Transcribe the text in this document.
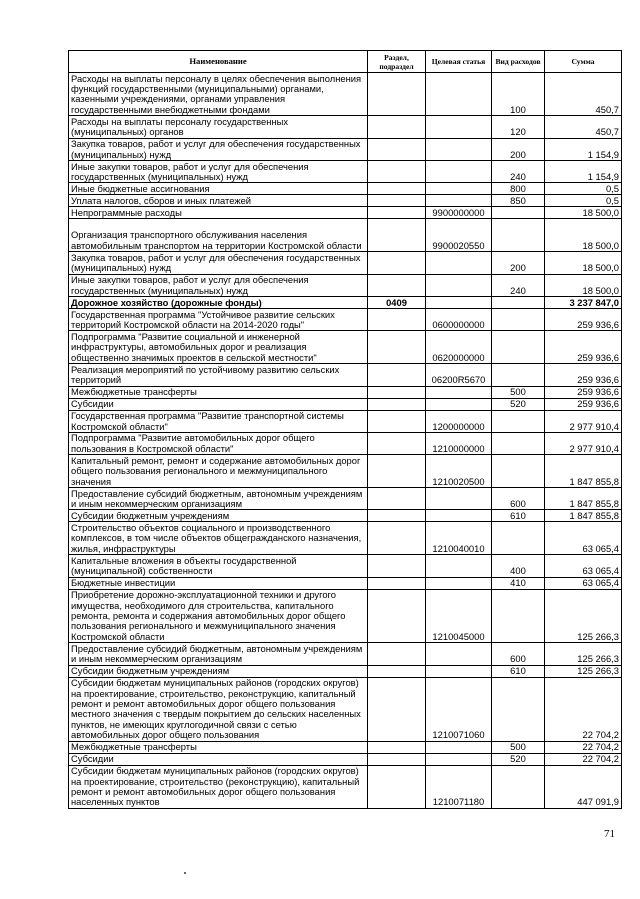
Наименование	Раздел, подраздел	Целевая статья	Вид расходов	Сумма
Расходы на выплаты персоналу в целях обеспечения выполнения функций государственными (муниципальными) органами, казенными учреждениями, органами управления государственными внебюджетными фондами			100	450,7
Расходы на выплаты персоналу государственных (муниципальных) органов			120	450,7
Закупка товаров, работ и услуг для обеспечения государственных (муниципальных) нужд			200	1 154,9
Иные закупки товаров, работ и услуг для обеспечения государственных (муниципальных) нужд			240	1 154,9
Иные бюджетные ассигнования			800	0,5
Уплата налогов, сборов и иных платежей			850	0,5
Непрограммные расходы		9900000000		18 500,0
Организация транспортного обслуживания населения автомобильным транспортом на территории Костромской области		9900020550		18 500,0
Закупка товаров, работ и услуг для обеспечения государственных (муниципальных) нужд			200	18 500,0
Иные закупки товаров, работ и услуг для обеспечения государственных (муниципальных) нужд			240	18 500,0
Дорожное хозяйство (дорожные фонды)	0409			3 237 847,0
Государственная программа "Устойчивое развитие сельских территорий Костромской области на 2014-2020 годы"		0600000000		259 936,6
Подпрограмма "Развитие социальной и инженерной инфраструктуры, автомобильных дорог и реализация общественно значимых проектов в сельской местности"		0620000000		259 936,6
Реализация мероприятий по устойчивому развитию сельских территорий		06200R5670		259 936,6
Межбюджетные трансферты			500	259 936,6
Субсидии			520	259 936,6
Государственная программа "Развитие транспортной системы Костромской области"		1200000000		2 977 910,4
Подпрограмма "Развитие автомобильных дорог общего пользования в Костромской области"		1210000000		2 977 910,4
Капитальный ремонт, ремонт и содержание автомобильных дорог общего пользования регионального и межмуниципального значения		1210020500		1 847 855,8
Предоставление субсидий бюджетным, автономным учреждениям и иным некоммерческим организациям			600	1 847 855,8
Субсидии бюджетным учреждениям			610	1 847 855,8
Строительство объектов социального и производственного комплексов, в том числе объектов общегражданского назначения, жилья, инфраструктуры		1210040010		63 065,4
Капитальные вложения в объекты государственной (муниципальной) собственности			400	63 065,4
Бюджетные инвестиции			410	63 065,4
Приобретение дорожно-эксплуатационной техники и другого имущества, необходимого для строительства, капитального ремонта, ремонта и содержания автомобильных дорог общего пользования регионального и межмуниципального значения Костромской области		1210045000		125 266,3
Предоставление субсидий бюджетным, автономным учреждениям и иным некоммерческим организациям			600	125 266,3
Субсидии бюджетным учреждениям			610	125 266,3
Субсидии бюджетам муниципальных районов (городских округов) на проектирование, строительство, реконструкцию, капитальный ремонт и ремонт автомобильных дорог общего пользования местного значения с твердым покрытием до сельских населенных пунктов, не имеющих круглогодичной связи с сетью автомобильных дорог общего пользования		1210071060		22 704,2
Межбюджетные трансферты			500	22 704,2
Субсидии			520	22 704,2
Субсидии бюджетам муниципальных районов (городских округов) на проектирование, строительство (реконструкцию), капитальный ремонт и ремонт автомобильных дорог общего пользования населенных пунктов		1210071180		447 091,9
71
